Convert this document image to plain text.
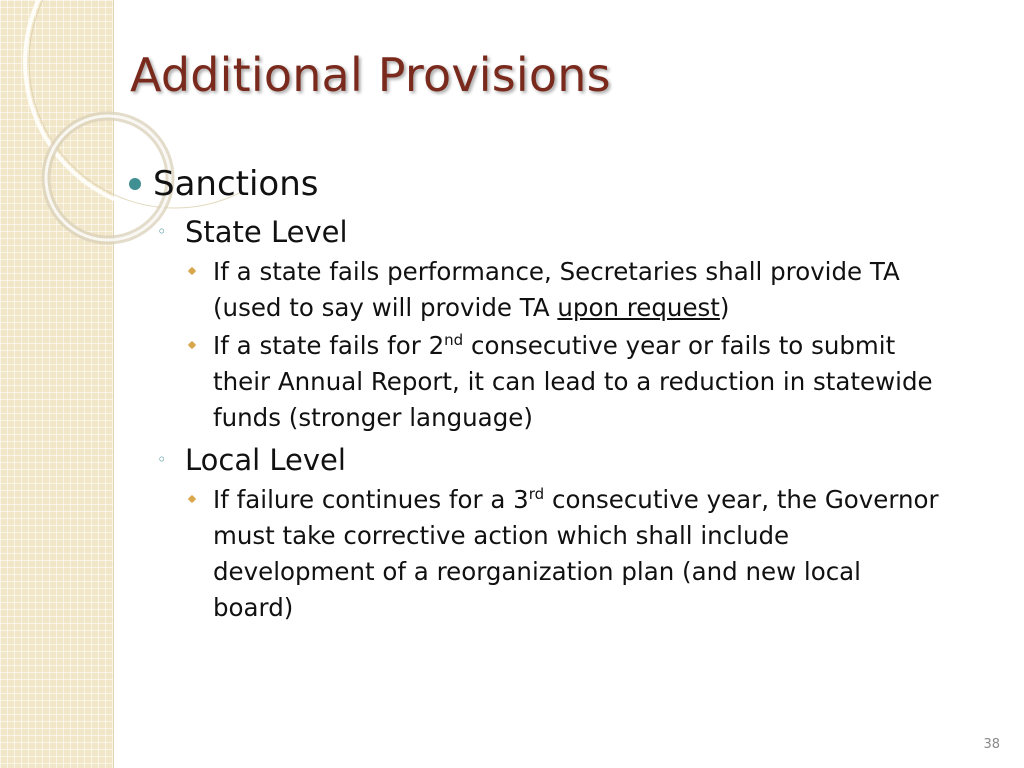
Additional Provisions
Sanctions
◦ State Level
If a state fails performance, Secretaries shall provide TA (used to say will provide TA upon request)
If a state fails for 2nd consecutive year or fails to submit their Annual Report, it can lead to a reduction in statewide funds (stronger language)
◦ Local Level
If failure continues for a 3rd consecutive year, the Governor must take corrective action which shall include development of a reorganization plan (and new local board)
38
